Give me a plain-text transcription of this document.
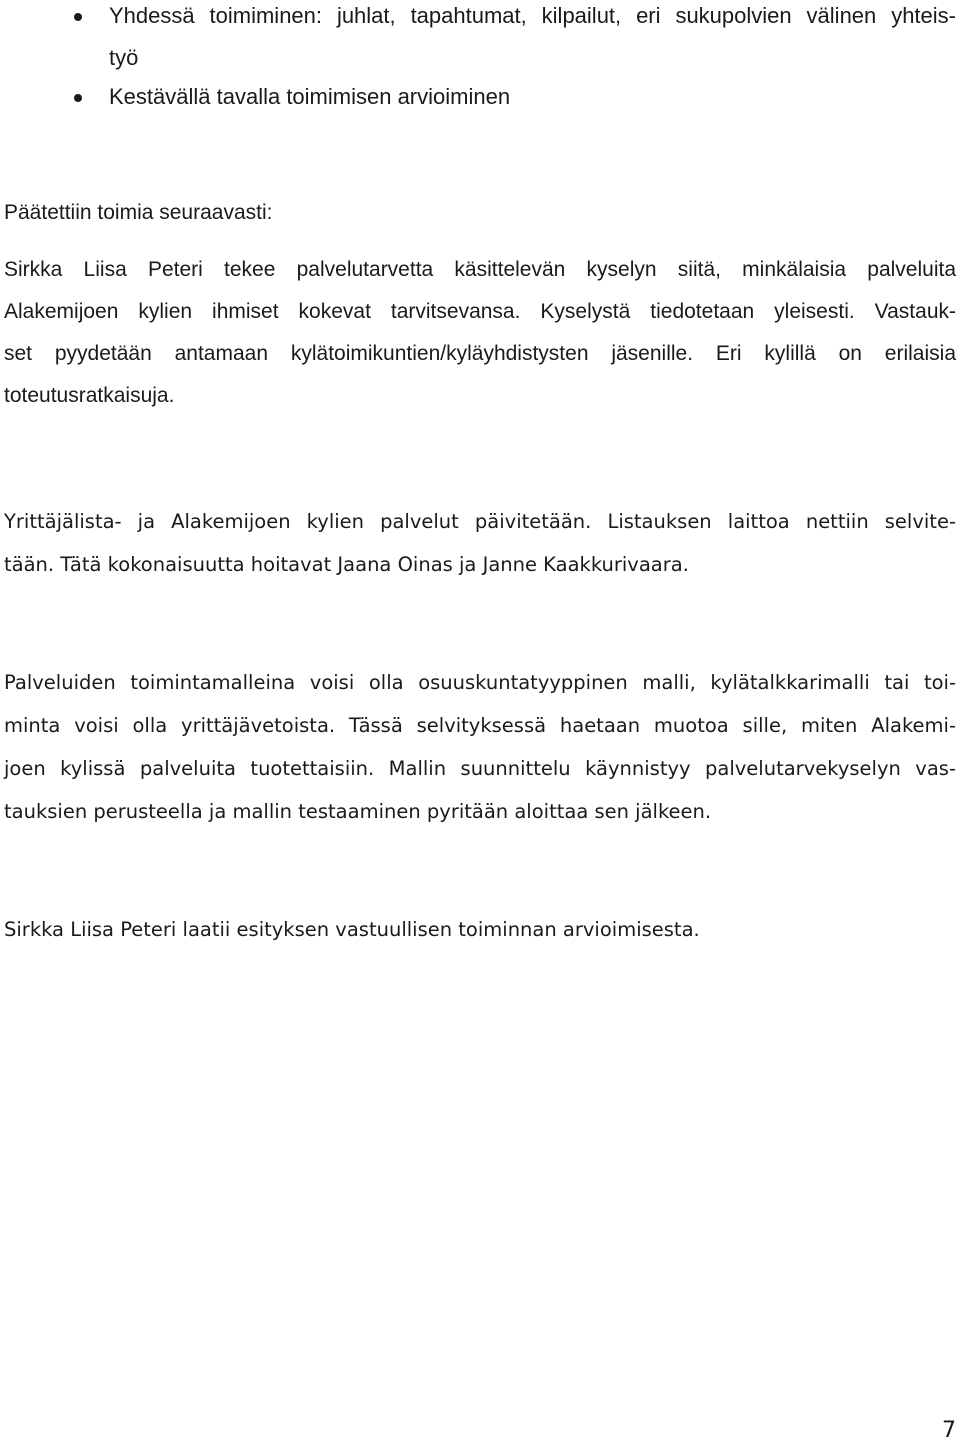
Yhdessä toimiminen: juhlat, tapahtumat, kilpailut, eri sukupolvien välinen yhteis-
työ
Kestävällä tavalla toimimisen arvioiminen

Päätettiin toimia seuraavasti:

Sirkka Liisa Peteri tekee palvelutarvetta käsittelevän kyselyn siitä, minkälaisia palveluita
Alakemijoen kylien ihmiset kokevat tarvitsevansa. Kyselystä tiedotetaan yleisesti. Vastauk-
set pyydetään antamaan kylätoimikuntien/kyläyhdistysten jäsenille. Eri kylillä on erilaisia
toteutusratkaisuja.

Yrittäjälista- ja Alakemijoen kylien palvelut päivitetään. Listauksen laittoa nettiin selvite-
tään. Tätä kokonaisuutta hoitavat Jaana Oinas ja Janne Kaakkurivaara.

Palveluiden toimintamalleina voisi olla osuuskuntatyyppinen malli, kylätalkkarimalli tai toi-
minta voisi olla yrittäjävetoista. Tässä selvityksessä haetaan muotoa sille, miten Alakemi-
joen kylissä palveluita tuotettaisiin. Mallin suunnittelu käynnistyy palvelutarvekyselyn vas-
tauksien perusteella ja mallin testaaminen pyritään aloittaa sen jälkeen.

Sirkka Liisa Peteri laatii esityksen vastuullisen toiminnan arvioimisesta.

7
